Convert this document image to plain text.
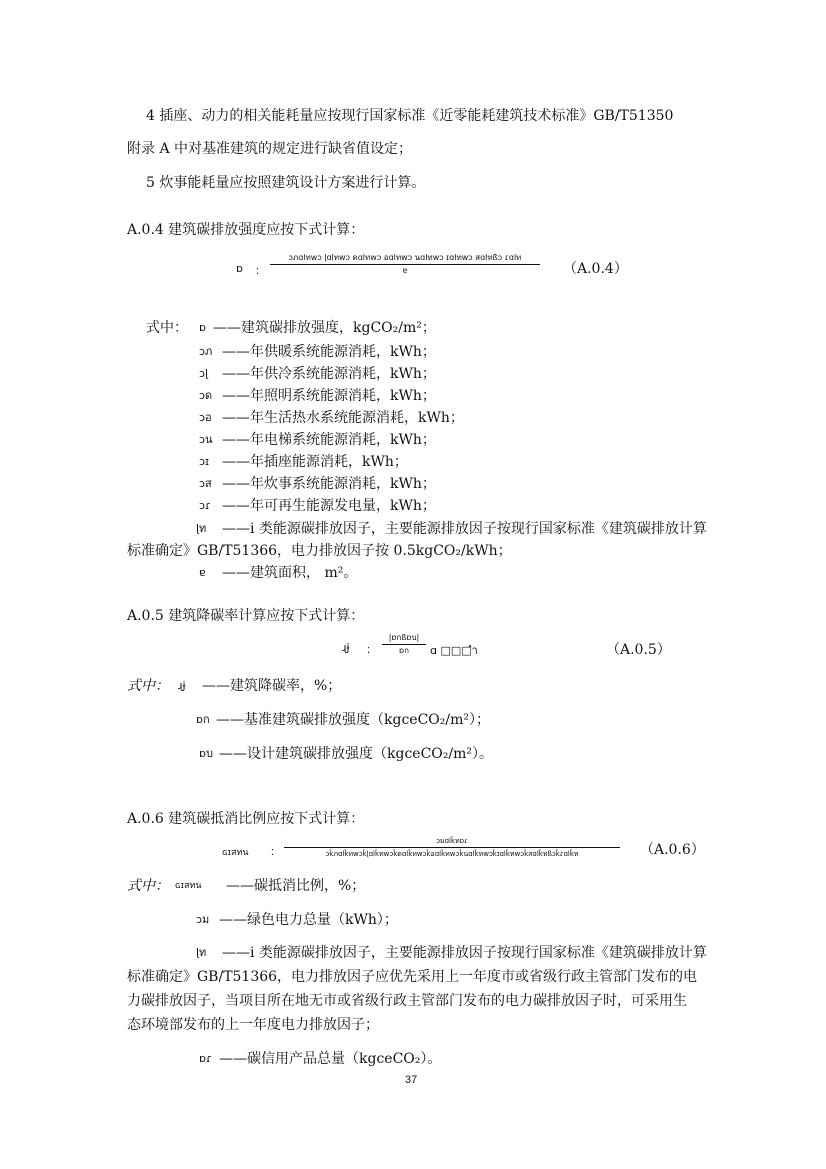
4 插座、动力的相关能耗量应按现行国家标准《近零能耗建筑技术标准》GB/T51350
附录 A 中对基准建筑的规定进行缺省值设定；
5 炊事能耗量应按照建筑设计方案进行计算。
A.0.4 建筑碳排放强度应按下式计算：
ɒ ：
ɔภɑlทwɔ ɭɑlทwɔ ดɑlทwɔ อɑlทwɔ นɑlทwɔ ɪɑlทwɔ สɑlทßɔ ɾɑlท
ɐ	（A.0.4）
式中： ɒ ——建筑碳排放强度，kgCO₂/m²；
ɔภ ——年供暖系统能源消耗，kWh；
ɔɭ ——年供冷系统能源消耗，kWh；
ɔด ——年照明系统能源消耗，kWh；
ɔอ ——年生活热水系统能源消耗，kWh；
ɔน ——年电梯系统能源消耗，kWh；
ɔɪ ——年插座能源消耗，kWh；
ɔส ——年炊事系统能源消耗，kWh；
ɔɾ ——年可再生能源发电量，kWh；
ɭท ——i 类能源碳排放因子，主要能源排放因子按现行国家标准《建筑碳排放计算
标准确定》GB/T51366，电力排放因子按 0.5kgCO₂/kWh；
ɐ ——建筑面积， m²。
A.0.5 建筑降碳率计算应按下式计算：
ɻɉ ：
|ɒกßɒบ|
ɒก	ɑ □□□ำ	（A.0.5）
式中： ɻɉ ——建筑降碳率，%；
ɒก ——基准建筑碳排放强度（kgceCO₂/m²）；
ɒบ ——设计建筑碳排放强度（kgceCO₂/m²）。
A.0.6 建筑碳抵消比例应按下式计算：
ɢɪสทน ：
ɔมɑlǩทɒɾ
ɔǩภɑlǩทwɔǩɭɑlǩทwɔǩดɑlǩทwɔǩอɑlǩทwɔǩนɑlǩทwɔǩɪɑlǩทwɔǩสɑlǩทßɔǩɾɑlǩท	（A.0.6）
式中： ɢɪสทน ——碳抵消比例，%；
ɔม ——绿色电力总量（kWh）；
ɭท ——i 类能源碳排放因子，主要能源排放因子按现行国家标准《建筑碳排放计算
标准确定》GB/T51366，电力排放因子应优先采用上一年度市或省级行政主管部门发布的电
力碳排放因子，当项目所在地无市或省级行政主管部门发布的电力碳排放因子时，可采用生
态环境部发布的上一年度电力排放因子；
ɒɾ ——碳信用产品总量（kgceCO₂）。
37
